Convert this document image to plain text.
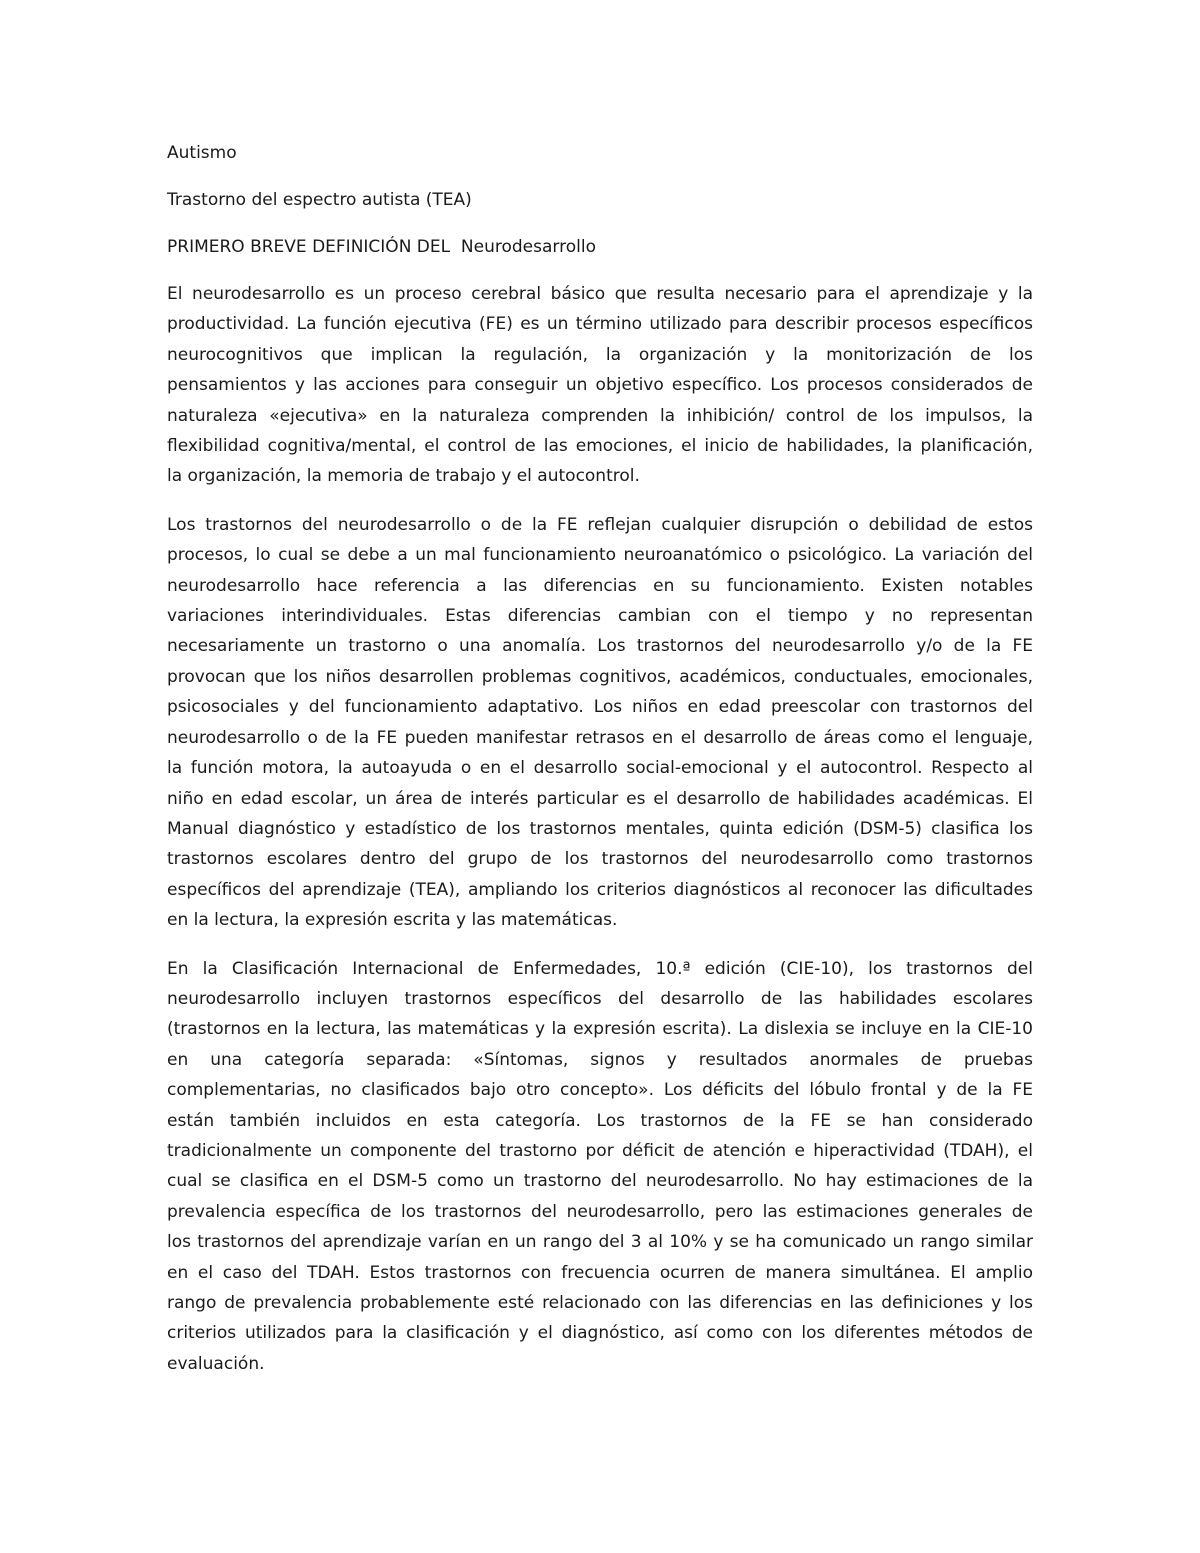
Autismo
Trastorno del espectro autista (TEA)
PRIMERO BREVE DEFINICIÓN DEL  Neurodesarrollo
El neurodesarrollo es un proceso cerebral básico que resulta necesario para el aprendizaje y la
productividad. La función ejecutiva (FE) es un término utilizado para describir procesos específicos
neurocognitivos que implican la regulación, la organización y la monitorización de los
pensamientos y las acciones para conseguir un objetivo específico. Los procesos considerados de
naturaleza «ejecutiva» en la naturaleza comprenden la inhibición/ control de los impulsos, la
flexibilidad cognitiva/mental, el control de las emociones, el inicio de habilidades, la planificación,
la organización, la memoria de trabajo y el autocontrol.
Los trastornos del neurodesarrollo o de la FE reflejan cualquier disrupción o debilidad de estos
procesos, lo cual se debe a un mal funcionamiento neuroanatómico o psicológico. La variación del
neurodesarrollo hace referencia a las diferencias en su funcionamiento. Existen notables
variaciones interindividuales. Estas diferencias cambian con el tiempo y no representan
necesariamente un trastorno o una anomalía. Los trastornos del neurodesarrollo y/o de la FE
provocan que los niños desarrollen problemas cognitivos, académicos, conductuales, emocionales,
psicosociales y del funcionamiento adaptativo. Los niños en edad preescolar con trastornos del
neurodesarrollo o de la FE pueden manifestar retrasos en el desarrollo de áreas como el lenguaje,
la función motora, la autoayuda o en el desarrollo social-emocional y el autocontrol. Respecto al
niño en edad escolar, un área de interés particular es el desarrollo de habilidades académicas. El
Manual diagnóstico y estadístico de los trastornos mentales, quinta edición (DSM-5) clasifica los
trastornos escolares dentro del grupo de los trastornos del neurodesarrollo como trastornos
específicos del aprendizaje (TEA), ampliando los criterios diagnósticos al reconocer las dificultades
en la lectura, la expresión escrita y las matemáticas.
En la Clasificación Internacional de Enfermedades, 10.ª edición (CIE-10), los trastornos del
neurodesarrollo incluyen trastornos específicos del desarrollo de las habilidades escolares
(trastornos en la lectura, las matemáticas y la expresión escrita). La dislexia se incluye en la CIE-10
en una categoría separada: «Síntomas, signos y resultados anormales de pruebas
complementarias, no clasificados bajo otro concepto». Los déficits del lóbulo frontal y de la FE
están también incluidos en esta categoría. Los trastornos de la FE se han considerado
tradicionalmente un componente del trastorno por déficit de atención e hiperactividad (TDAH), el
cual se clasifica en el DSM-5 como un trastorno del neurodesarrollo. No hay estimaciones de la
prevalencia específica de los trastornos del neurodesarrollo, pero las estimaciones generales de
los trastornos del aprendizaje varían en un rango del 3 al 10% y se ha comunicado un rango similar
en el caso del TDAH. Estos trastornos con frecuencia ocurren de manera simultánea. El amplio
rango de prevalencia probablemente esté relacionado con las diferencias en las definiciones y los
criterios utilizados para la clasificación y el diagnóstico, así como con los diferentes métodos de
evaluación.
